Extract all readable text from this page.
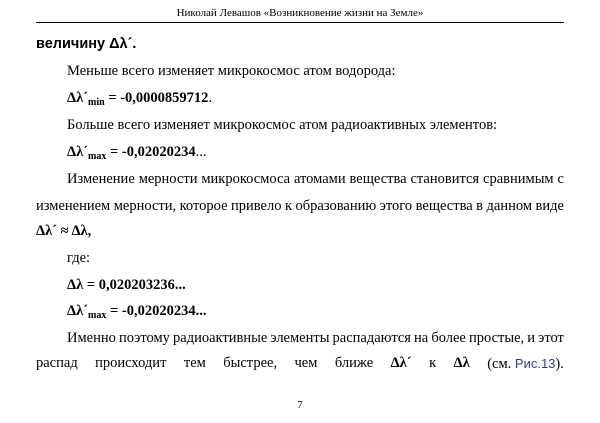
Николай Левашов «Возникновение жизни на Земле»
величину Δλ´.
Меньше всего изменяет микрокосмос атом водорода:
$\Delta\lambda´_{min} = -0,0000859712$.
Больше всего изменяет микрокосмос атом радиоактивных элементов:
$\Delta\lambda´_{max} = -0,02020234$...
Изменение мерности микрокосмоса атомами вещества становится сравнимым с
изменением мерности, которое привело к образованию этого вещества в данном виде
Δλ´ ≈ Δλ,
где:
Δλ = 0,020203236...
$\Delta\lambda´_{max} = -0,02020234$...
Именно поэтому радиоактивные элементы распадаются на более простые, и этот
распад происходит тем быстрее, чем ближе Δλ´ к Δλ (см. Рис.13).
7
